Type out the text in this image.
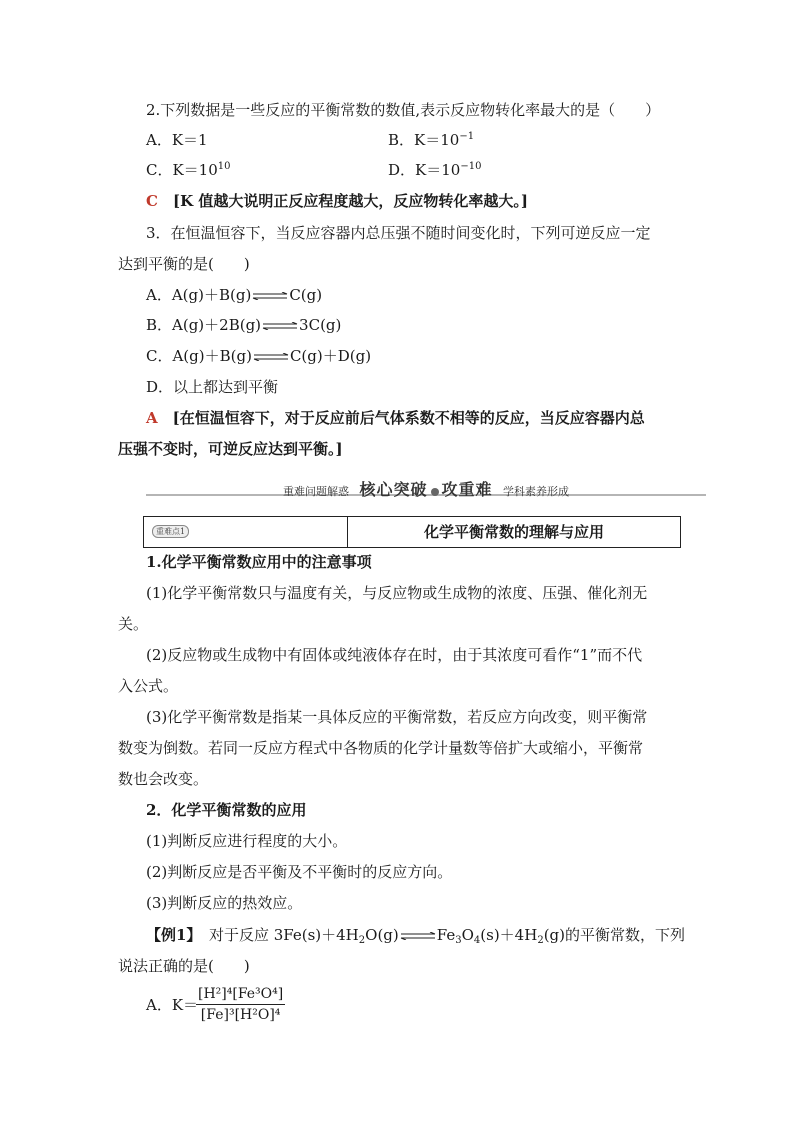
2.下列数据是一些反应的平衡常数的数值,表示反应物转化率最大的是（　　）
A．K＝1	B．$K=10^{-1}$
C．$K=10^{10}$	D．$K=10^{-10}$
C　 [K 值越大说明正反应程度越大，反应物转化率越大。]
3．在恒温恒容下，当反应容器内总压强不随时间变化时，下列可逆反应一定
达到平衡的是(　　)
A．A(g)＋B(g)⇌C(g)
B．A(g)＋2B(g)⇌3C(g)
C．A(g)＋B(g)⇌C(g)＋D(g)
D．以上都达到平衡
A　 [在恒温恒容下，对于反应前后气体系数不相等的反应，当反应容器内总
压强不变时，可逆反应达到平衡。]
重难问题解惑 核心突破 攻重难 学科素养形成
重难点1	化学平衡常数的理解与应用
1.化学平衡常数应用中的注意事项
(1)化学平衡常数只与温度有关，与反应物或生成物的浓度、压强、催化剂无
关。
(2)反应物或生成物中有固体或纯液体存在时，由于其浓度可看作“1”而不代
入公式。
(3)化学平衡常数是指某一具体反应的平衡常数，若反应方向改变，则平衡常
数变为倒数。若同一反应方程式中各物质的化学计量数等倍扩大或缩小，平衡常
数也会改变。
2．化学平衡常数的应用
(1)判断反应进行程度的大小。
(2)判断反应是否平衡及不平衡时的反应方向。
(3)判断反应的热效应。
【例1】　 对于反应 $3Fe(s)+4H_2O(g)\rightleftharpoons Fe_3O_4(s)+4H_2(g)$的平衡常数，下列
说法正确的是(　　)
A．K＝
$\frac{\text{[H²]⁴[Fe³O⁴]}}{\text{[Fe]³[H²O]⁴}}$
